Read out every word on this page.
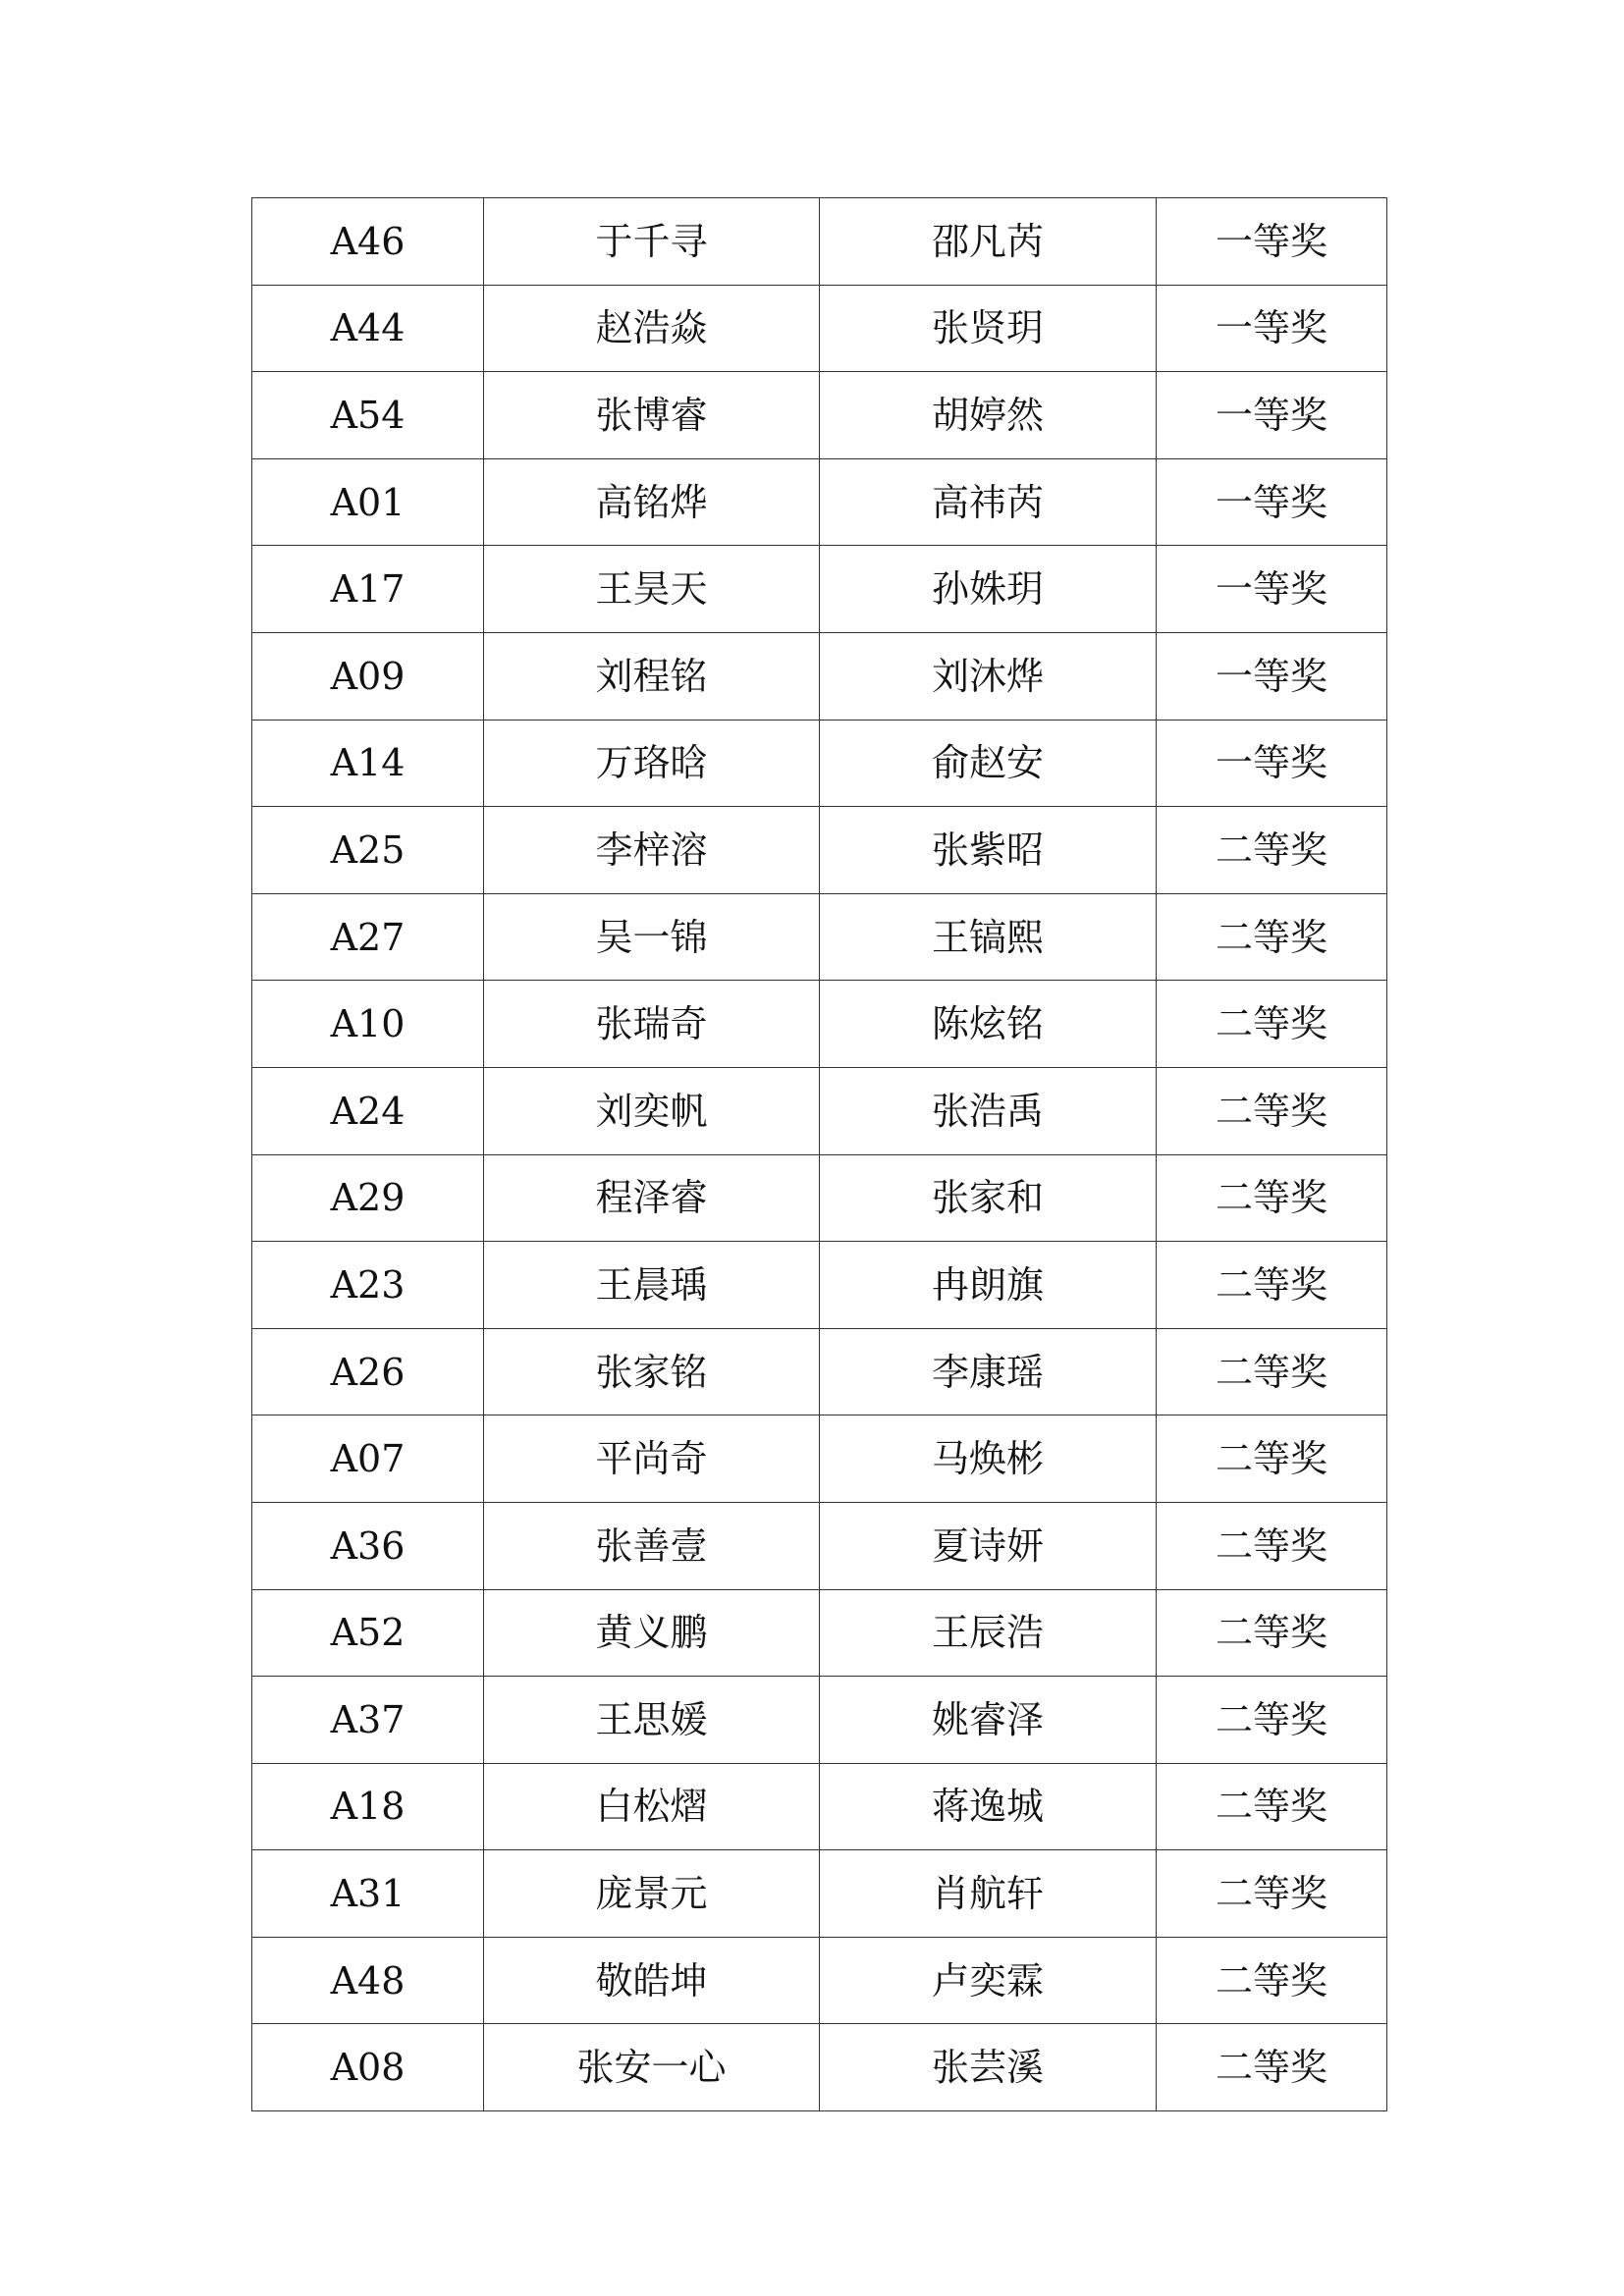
A46	于千寻	邵凡芮	一等奖
A44	赵浩焱	张贤玥	一等奖
A54	张博睿	胡婷然	一等奖
A01	高铭烨	高祎芮	一等奖
A17	王昊天	孙姝玥	一等奖
A09	刘程铭	刘沐烨	一等奖
A14	万珞晗	俞赵安	一等奖
A25	李梓溶	张紫昭	二等奖
A27	吴一锦	王镐熙	二等奖
A10	张瑞奇	陈炫铭	二等奖
A24	刘奕帆	张浩禹	二等奖
A29	程泽睿	张家和	二等奖
A23	王晨瑀	冉朗旗	二等奖
A26	张家铭	李康瑶	二等奖
A07	平尚奇	马焕彬	二等奖
A36	张善壹	夏诗妍	二等奖
A52	黄义鹏	王辰浩	二等奖
A37	王思媛	姚睿泽	二等奖
A18	白松熠	蒋逸城	二等奖
A31	庞景元	肖航轩	二等奖
A48	敬皓坤	卢奕霖	二等奖
A08	张安一心	张芸溪	二等奖
